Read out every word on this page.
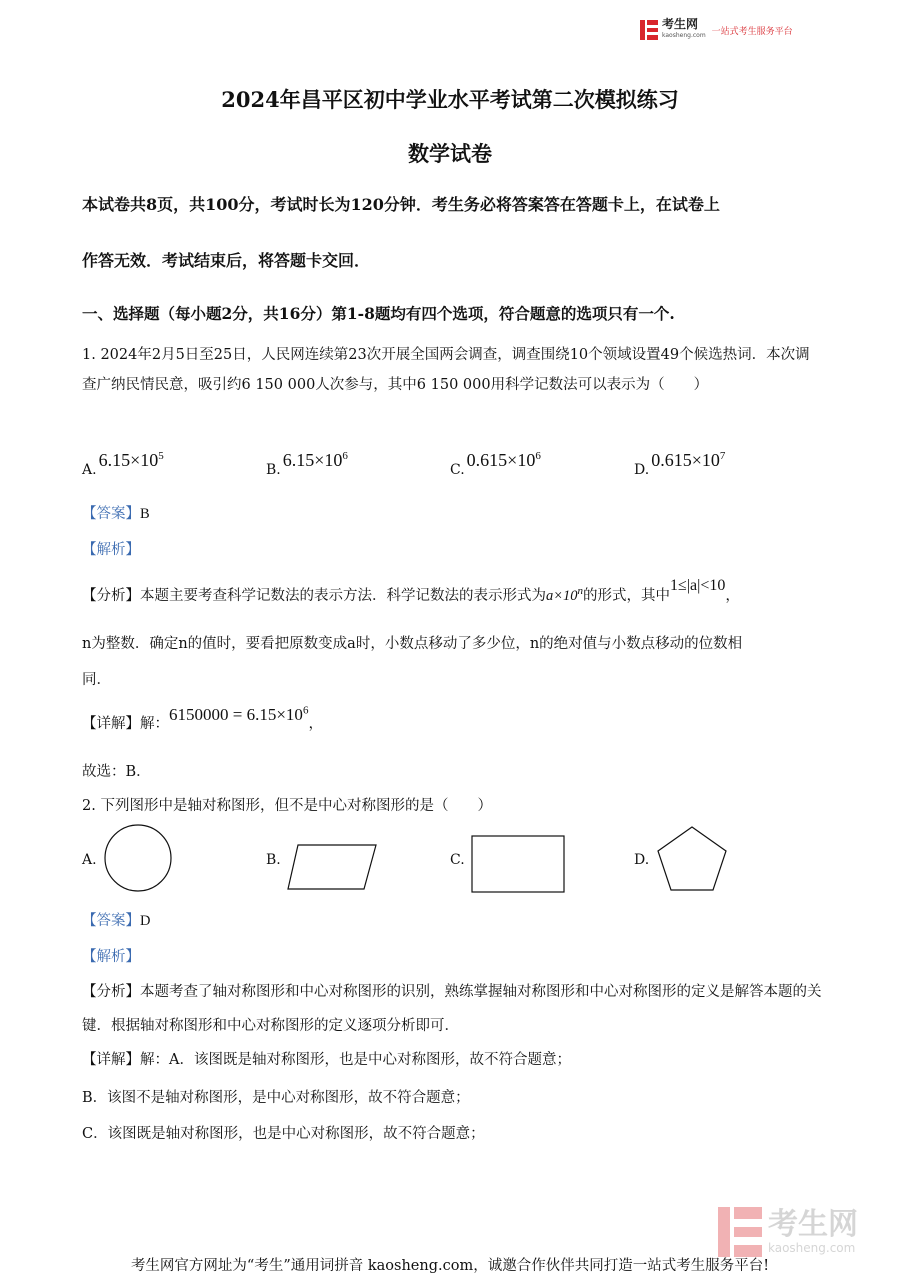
考生网
kaosheng.com 一站式考生服务平台
2024年昌平区初中学业水平考试第二次模拟练习
数学试卷
本试卷共8页，共100分，考试时长为120分钟．考生务必将答案答在答题卡上，在试卷上
作答无效．考试结束后，将答题卡交回．
一、选择题（每小题2分，共16分）第1-8题均有四个选项，符合题意的选项只有一个.
1. 2024年2月5日至25日，人民网连续第23次开展全国两会调查，调查围绕10个领域设置49个候选热词．本次调查广纳民情民意，吸引约6 150 000人次参与，其中6 150 000用科学记数法可以表示为（　　）
A. $6.15\times 10^5$
B. $6.15\times 10^6$
C. $0.615\times 10^6$
D. $0.615\times 10^7$
【答案】B
【解析】
【分析】本题主要考查科学记数法的表示方法．科学记数法的表示形式为$a\times 10^n$的形式，其中1≤|a|<10，
n为整数．确定n的值时，要看把原数变成a时，小数点移动了多少位，n的绝对值与小数点移动的位数相
同．
【详解】解：$6150000 = 6.15\times 10^6$，
故选：B．
2. 下列图形中是轴对称图形，但不是中心对称图形的是（　　）
A.	B.	C.	D.
【答案】D
【解析】
【分析】本题考查了轴对称图形和中心对称图形的识别，熟练掌握轴对称图形和中心对称图形的定义是解答本题的关键．根据轴对称图形和中心对称图形的定义逐项分析即可．
【详解】解：A．该图既是轴对称图形，也是中心对称图形，故不符合题意；
B．该图不是轴对称图形，是中心对称图形，故不符合题意；
C．该图既是轴对称图形，也是中心对称图形，故不符合题意；
考生网
kaosheng.com
考生网官方网址为“考生”通用词拼音 kaosheng.com，诚邀合作伙伴共同打造一站式考生服务平台!
